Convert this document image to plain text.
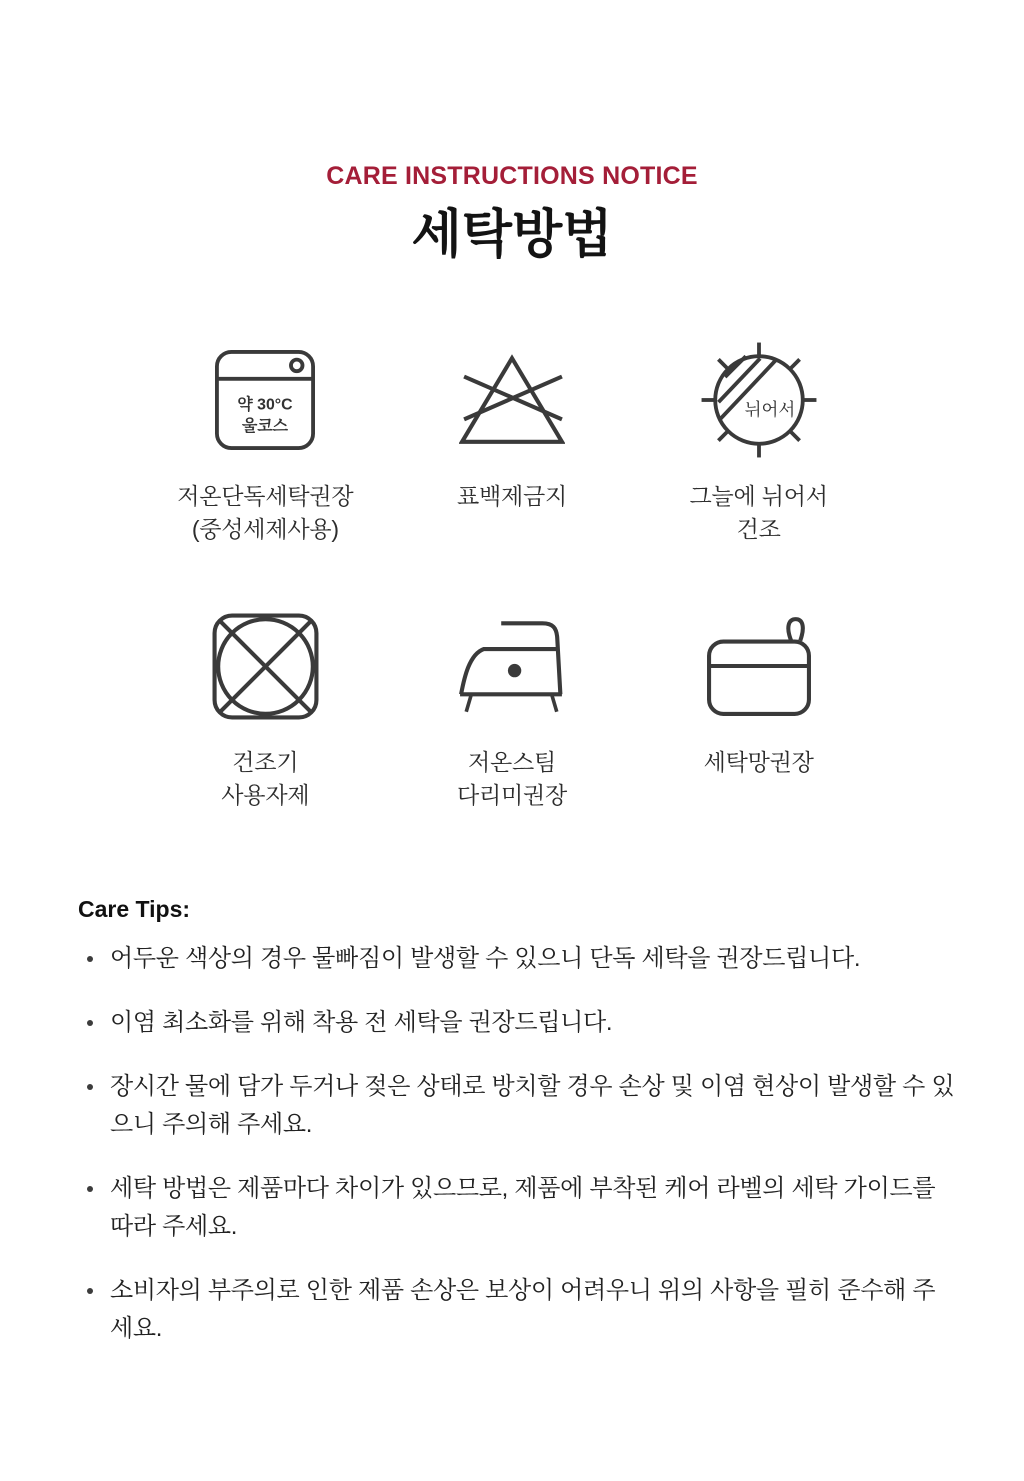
CARE INSTRUCTIONS NOTICE
세탁방법
약 30°C
울코스
저온단독세탁권장
(중성세제사용)
표백제금지
뉘어서
그늘에 뉘어서
건조
건조기
사용자제
저온스팀
다리미권장
세탁망권장
Care Tips:
어두운 색상의 경우 물빠짐이 발생할 수 있으니 단독 세탁을 권장드립니다.
이염 최소화를 위해 착용 전 세탁을 권장드립니다.
장시간 물에 담가 두거나 젖은 상태로 방치할 경우 손상 및 이염 현상이 발생할 수 있으니 주의해 주세요.
세탁 방법은 제품마다 차이가 있으므로, 제품에 부착된 케어 라벨의 세탁 가이드를 따라 주세요.
소비자의 부주의로 인한 제품 손상은 보상이 어려우니 위의 사항을 필히 준수해 주세요.
